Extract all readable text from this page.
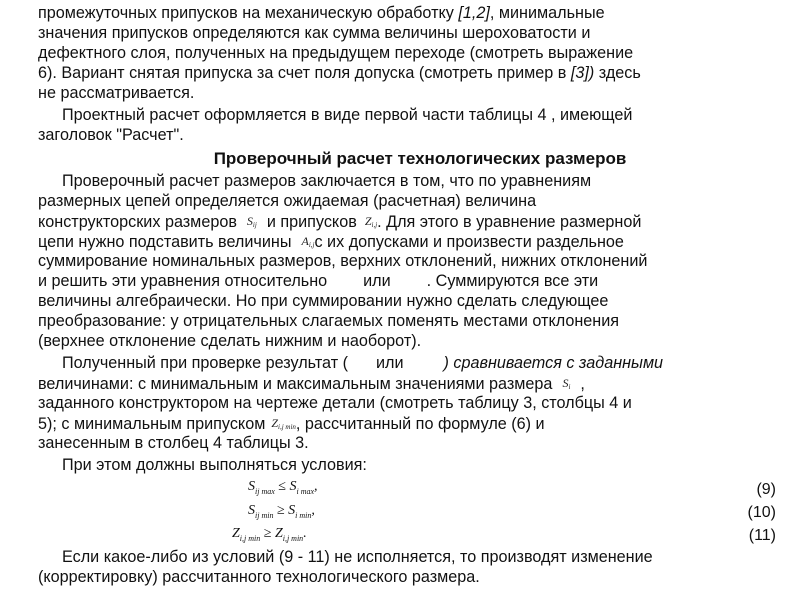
промежуточных припусков на механическую обработку [1,2], минимальные
значения припусков определяются как сумма величины шероховатости и
дефектного слоя, полученных на предыдущем переходе (смотреть выражение
6). Вариант снятая припуска за счет поля допуска (смотреть пример в [3]) здесь
не рассматривается.
Проектный расчет оформляется в виде первой части таблицы 4 , имеющей
заголовок "Расчет".
Проверочный расчет технологических размеров
Проверочный расчет размеров заключается в том, что по уравнениям
размерных цепей определяется ожидаемая (расчетная) величина
конструкторских размеров $S_{ij}$ и припусков $Z_{i,j}$. Для этого в уравнение размерной
цепи нужно подставить величины $A_{i,j}с$ их допусками и произвести раздельное
суммирование номинальных размеров, верхних отклонений, нижних отклонений
и решить эти уравнения относительно или . Суммируются все эти
величины алгебраически. Но при суммировании нужно сделать следующее
преобразование: у отрицательных слагаемых поменять местами отклонения
(верхнее отклонение сделать нижним и наоборот).
Полученный при проверке результат ( или ) сравнивается с заданными
величинами: с минимальным и максимальным значениями размера $S_i$ ,
заданного конструктором на чертеже детали (смотреть таблицу 3, столбцы 4 и
5); с минимальным припуском $Z_{i,j min}$, рассчитанный по формуле (6) и
занесенным в столбец 4 таблицы 3.
При этом должны выполняться условия:
$S_{ij max} \le S_{i max}$,	(9)
$S_{ij min} \ge S_{i min}$,	(10)
$Z_{i,j min} \ge Z_{i,j min}$.	(11)
Если какое-либо из условий (9 - 11) не исполняется, то производят изменение
(корректировку) рассчитанного технологического размера.
